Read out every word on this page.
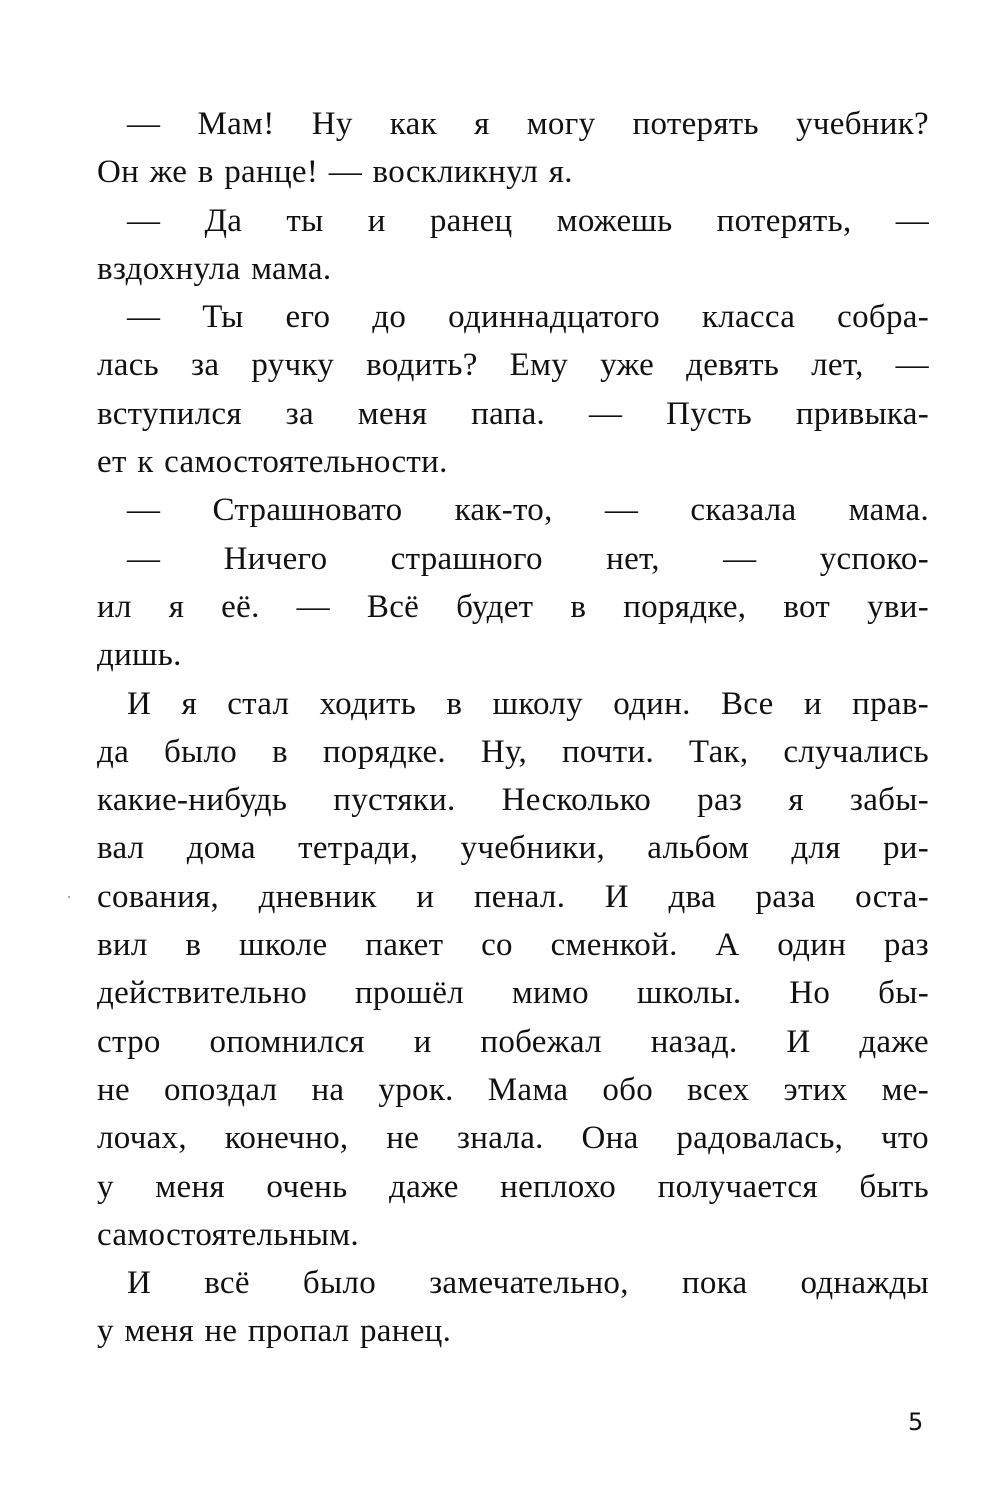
— Мам! Ну как я могу потерять учебник?
Он же в ранце! — воскликнул я.
— Да ты и ранец можешь потерять, —
вздохнула мама.
— Ты его до одиннадцатого класса собра-
лась за ручку водить? Ему уже девять лет, —
вступился за меня папа. — Пусть привыка-
ет к самостоятельности.
— Страшновато как-то, — сказала мама.
— Ничего страшного нет, — успоко-
ил я её. — Всё будет в порядке, вот уви-
дишь.
И я стал ходить в школу один. Все и прав-
да было в порядке. Ну, почти. Так, случались
какие-нибудь пустяки. Несколько раз я забы-
вал дома тетради, учебники, альбом для ри-
сования, дневник и пенал. И два раза оста-
вил в школе пакет со сменкой. А один раз
действительно прошёл мимо школы. Но бы-
стро опомнился и побежал назад. И даже
не опоздал на урок. Мама обо всех этих ме-
лочах, конечно, не знала. Она радовалась, что
у меня очень даже неплохо получается быть
самостоятельным.
И всё было замечательно, пока однажды
у меня не пропал ранец.
5
